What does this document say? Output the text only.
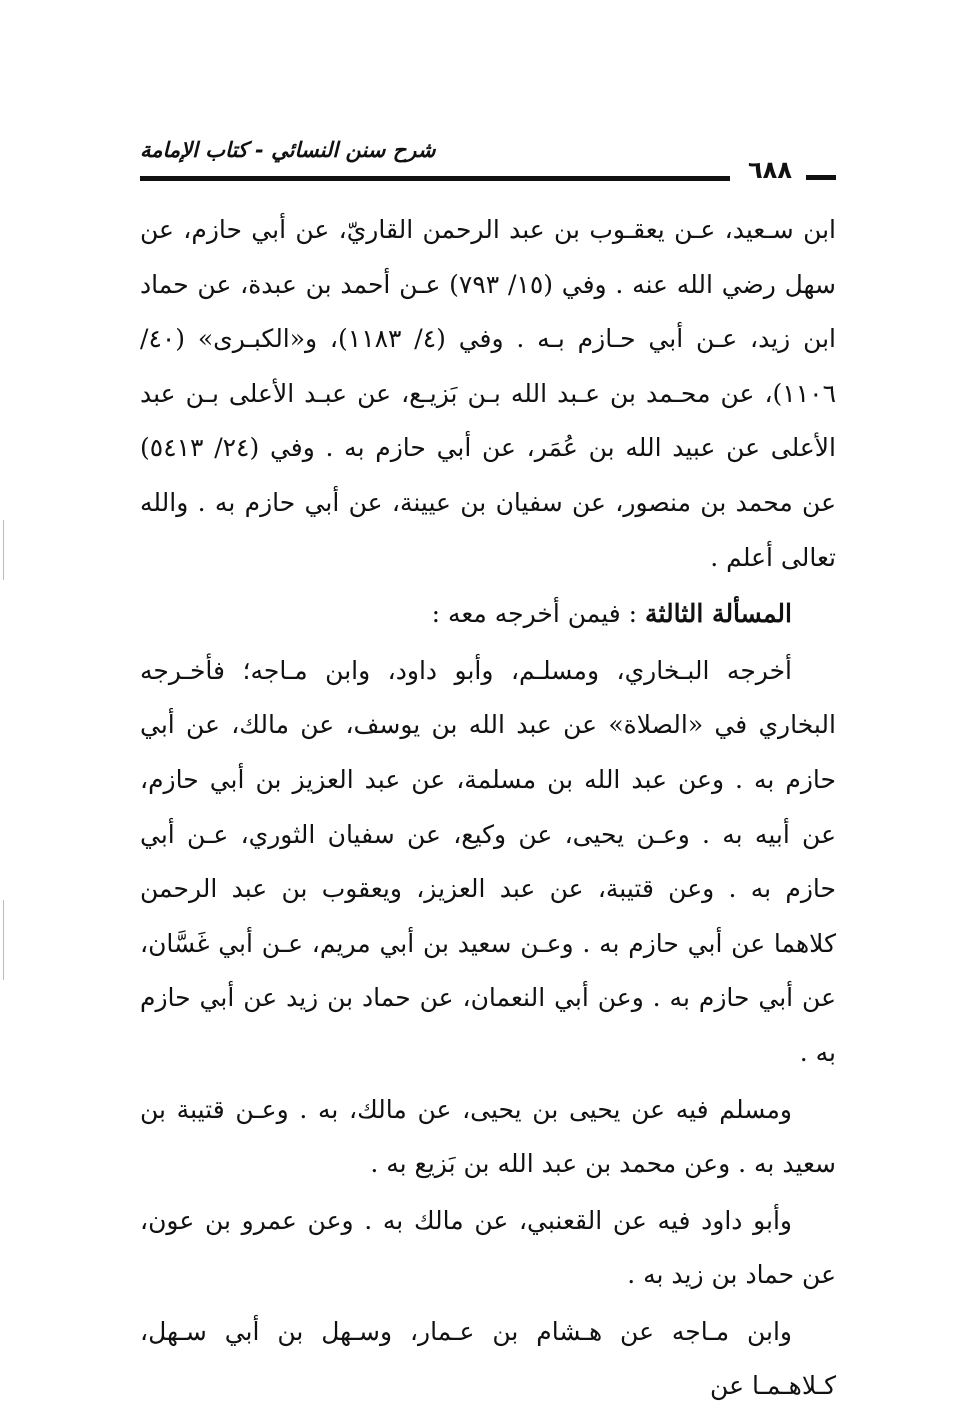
شرح سنن النسائي - كتاب الإمامة
٦٨٨

ابن سـعيد، عـن يعقـوب بن عبد الرحمن القاريّ، عن أبي حازم، عن سهل رضي الله عنه . وفي (١٥/ ٧٩٣) عـن أحمد بن عبدة، عن حماد ابن زيد، عـن أبي حـازم بـه . وفي (٤/ ١١٨٣)، و«الكبـرى» (٤٠/ ١١٠٦)، عن محـمد بن عـبد الله بـن بَزيـع، عن عبـد الأعلى بـن عبد الأعلى عن عبيد الله بن عُمَر، عن أبي حازم به . وفي (٢٤/ ٥٤١٣) عن محمد بن منصور، عن سفيان بن عيينة، عن أبي حازم به . والله تعالى أعلم .

المسألة الثالثة : فيمن أخرجه معه :

أخرجه البـخاري، ومسلـم، وأبو داود، وابن مـاجه؛ فأخـرجه البخاري في «الصلاة» عن عبد الله بن يوسف، عن مالك، عن أبي حازم به . وعن عبد الله بن مسلمة، عن عبد العزيز بن أبي حازم، عن أبيه به . وعـن يحيى، عن وكيع، عن سفيان الثوري، عـن أبي حازم به . وعن قتيبة، عن عبد العزيز، ويعقوب بن عبد الرحمن كلاهما عن أبي حازم به . وعـن سعيد بن أبي مريم، عـن أبي غَسَّان، عن أبي حازم به . وعن أبي النعمان، عن حماد بن زيد عن أبي حازم به .

ومسلم فيه عن يحيى بن يحيى، عن مالك، به . وعـن قتيبة بن سعيد به . وعن محمد بن عبد الله بن بَزيع به .

وأبو داود فيه عن القعنبي، عن مالك به . وعن عمرو بن عون، عن حماد بن زيد به .

وابن مـاجه عن هـشام بن عـمار، وسـهل بن أبي سـهل، كـلاهـمـا عن
